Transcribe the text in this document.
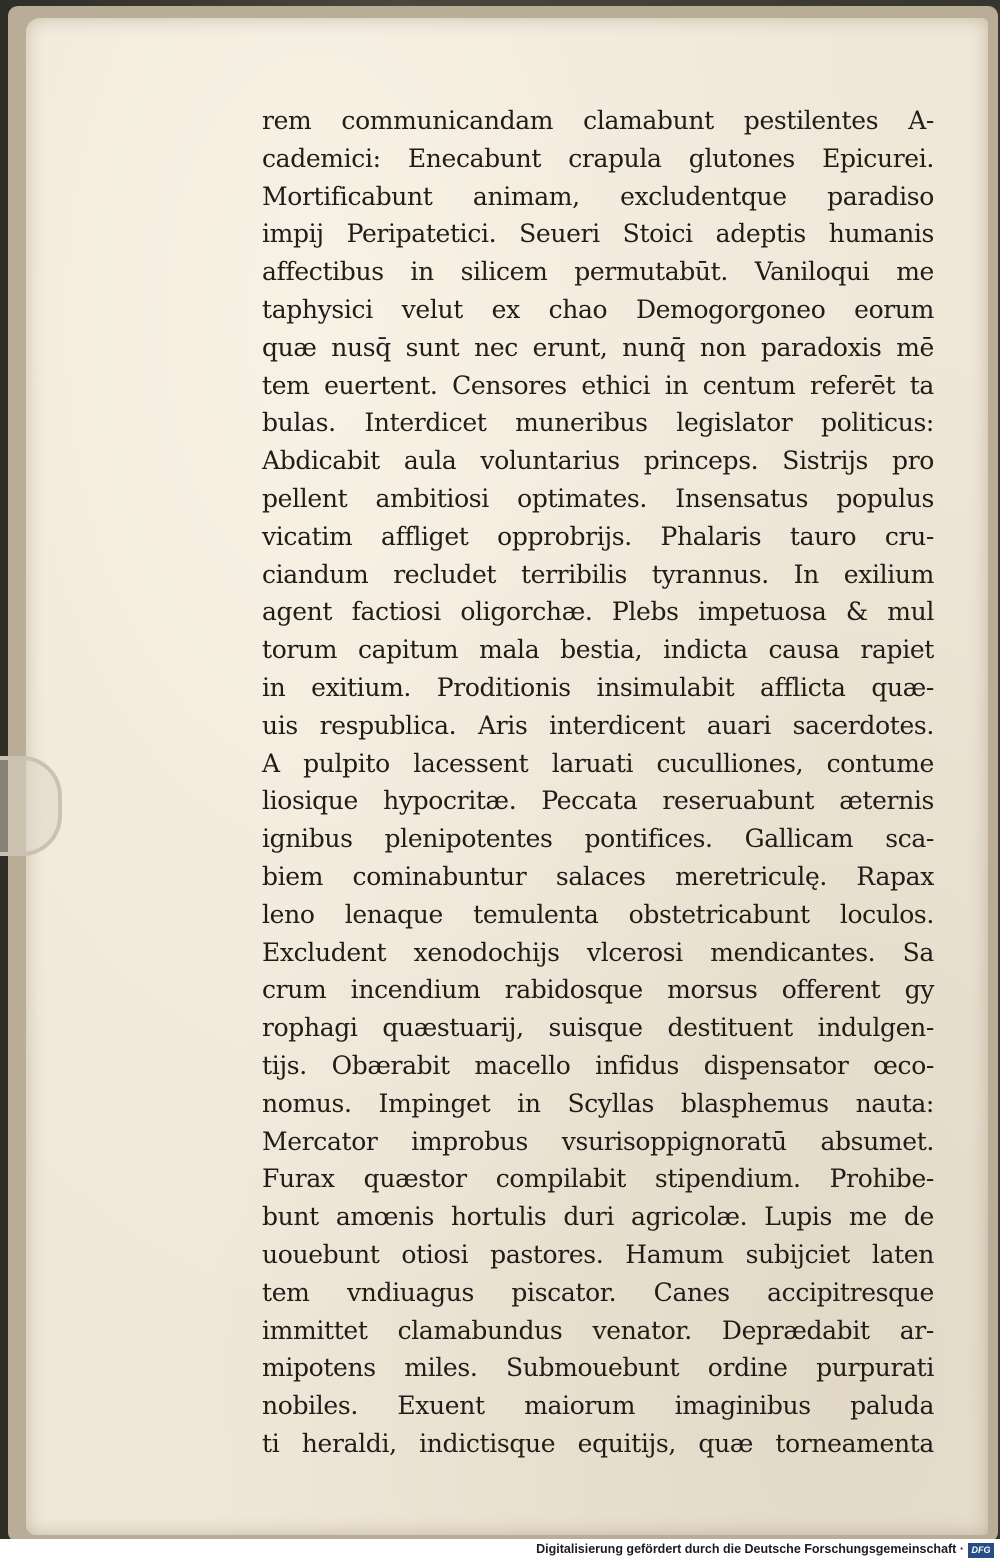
rem communicandam clamabunt pestilentes A-
cademici: Enecabunt crapula glutones Epicurei.
Mortificabunt animam, excludentque paradiso
impij Peripatetici. Seueri Stoici adeptis humanis
affectibus in silicem permutabūt. Vaniloqui me
taphysici velut ex chao Demogorgoneo eorum
quæ nusq̄ sunt nec erunt, nunq̄ non paradoxis mē
tem euertent. Censores ethici in centum referēt ta
bulas. Interdicet muneribus legislator politicus:
Abdicabit aula voluntarius princeps. Sistrijs pro
pellent ambitiosi optimates. Insensatus populus
vicatim affliget opprobrijs. Phalaris tauro cru-
ciandum recludet terribilis tyrannus. In exilium
agent factiosi oligorchæ. Plebs impetuosa & mul
torum capitum mala bestia, indicta causa rapiet
in exitium. Proditionis insimulabit afflicta quæ-
uis respublica. Aris interdicent auari sacerdotes.
A pulpito lacessent laruati cuculliones, contume
liosique hypocritæ. Peccata reseruabunt æternis
ignibus plenipotentes pontifices. Gallicam sca-
biem cominabuntur salaces meretriculę. Rapax
leno lenaque temulenta obstetricabunt loculos.
Excludent xenodochijs vlcerosi mendicantes. Sa
crum incendium rabidosque morsus offerent gy
rophagi quæstuarij, suisque destituent indulgen-
tijs. Obærabit macello infidus dispensator œco-
nomus. Impinget in Scyllas blasphemus nauta:
Mercator improbus vsurisoppignoratū absumet.
Furax quæstor compilabit stipendium. Prohibe-
bunt amœnis hortulis duri agricolæ. Lupis me de
uouebunt otiosi pastores. Hamum subijciet laten
tem vndiuagus piscator. Canes accipitresque
immittet clamabundus venator. Deprædabit ar-
mipotens miles. Submouebunt ordine purpurati
nobiles. Exuent maiorum imaginibus paluda
ti heraldi, indictisque equitijs, quæ torneamenta
Digitalisierung gefördert durch die Deutsche Forschungsgemeinschaft · DFG
